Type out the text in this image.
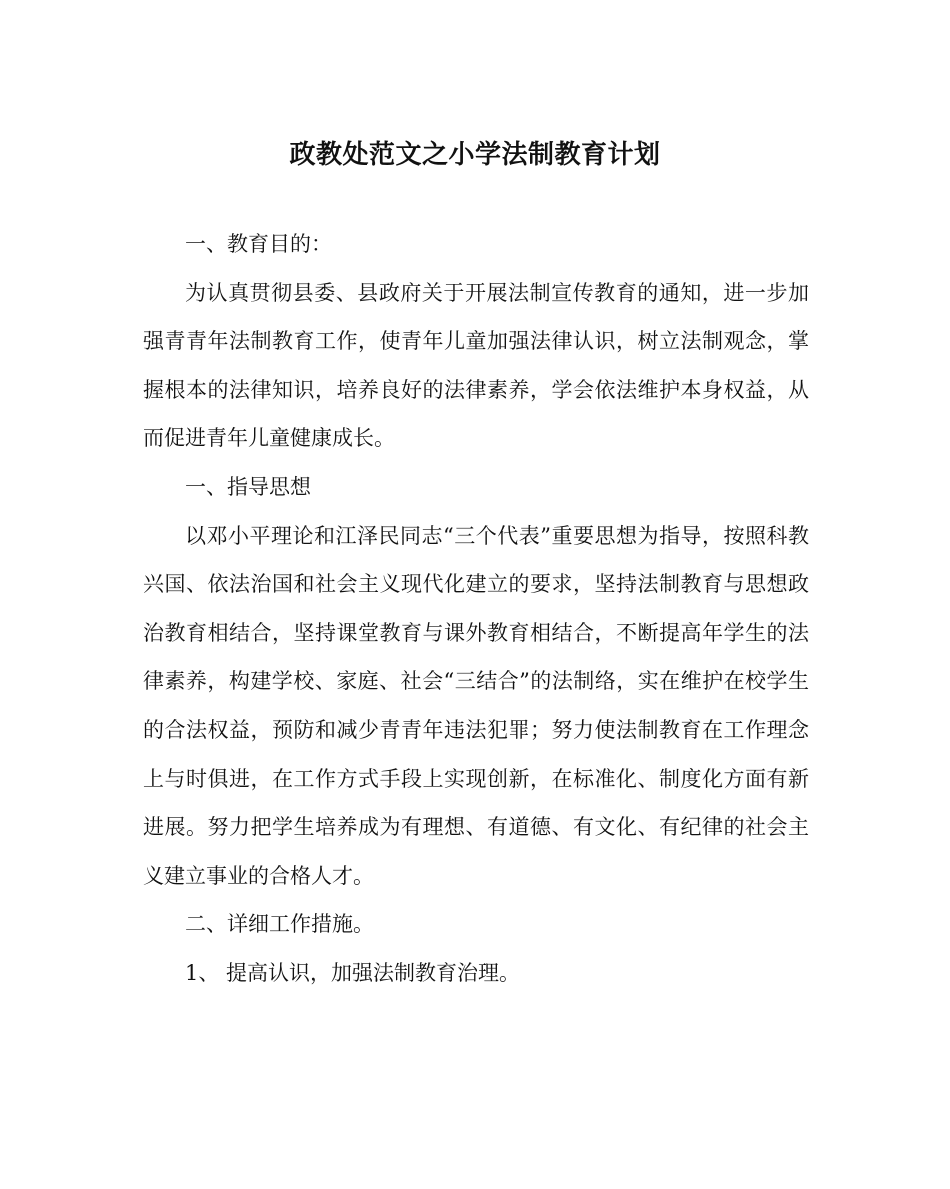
政教处范文之小学法制教育计划

一、教育目的：

为认真贯彻县委、县政府关于开展法制宣传教育的通知，进一步加强青青年法制教育工作，使青年儿童加强法律认识，树立法制观念，掌握根本的法律知识，培养良好的法律素养，学会依法维护本身权益，从而促进青年儿童健康成长。

一、指导思想

以邓小平理论和江泽民同志“三个代表”重要思想为指导，按照科教兴国、依法治国和社会主义现代化建立的要求，坚持法制教育与思想政治教育相结合，坚持课堂教育与课外教育相结合，不断提高年学生的法律素养，构建学校、家庭、社会“三结合”的法制络，实在维护在校学生的合法权益，预防和减少青青年违法犯罪；努力使法制教育在工作理念上与时俱进，在工作方式手段上实现创新，在标准化、制度化方面有新进展。努力把学生培养成为有理想、有道德、有文化、有纪律的社会主义建立事业的合格人才。

二、详细工作措施。

1、 提高认识，加强法制教育治理。
